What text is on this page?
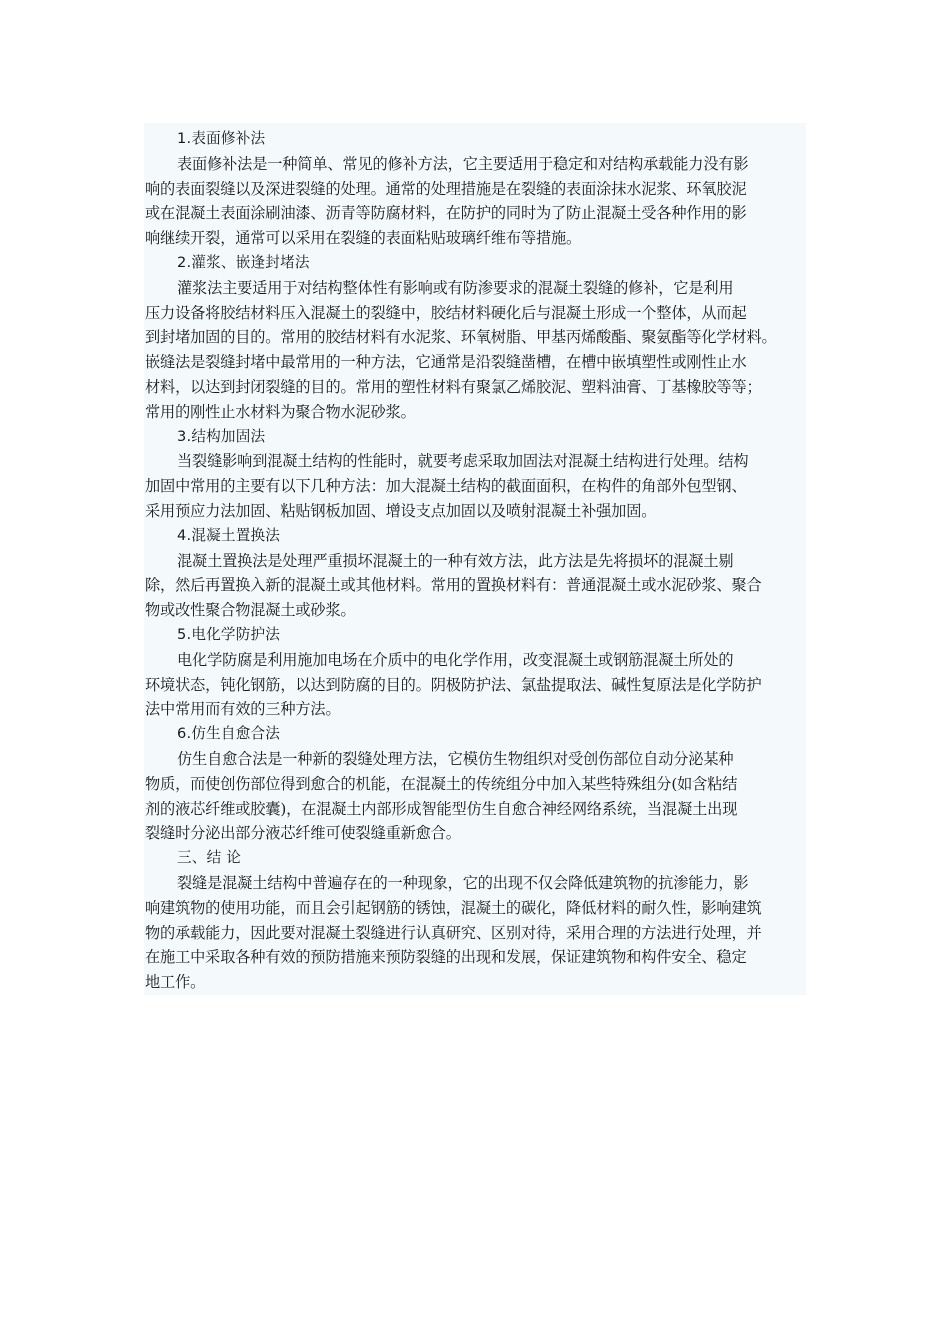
1.表面修补法
表面修补法是一种简单、常见的修补方法，它主要适用于稳定和对结构承载能力没有影
响的表面裂缝以及深进裂缝的处理。通常的处理措施是在裂缝的表面涂抹水泥浆、环氧胶泥
或在混凝土表面涂刷油漆、沥青等防腐材料，在防护的同时为了防止混凝土受各种作用的影
响继续开裂，通常可以采用在裂缝的表面粘贴玻璃纤维布等措施。
2.灌浆、嵌逢封堵法
灌浆法主要适用于对结构整体性有影响或有防渗要求的混凝土裂缝的修补，它是利用
压力设备将胶结材料压入混凝土的裂缝中，胶结材料硬化后与混凝土形成一个整体，从而起
到封堵加固的目的。常用的胶结材料有水泥浆、环氧树脂、甲基丙烯酸酯、聚氨酯等化学材料。
嵌缝法是裂缝封堵中最常用的一种方法，它通常是沿裂缝凿槽，在槽中嵌填塑性或刚性止水
材料，以达到封闭裂缝的目的。常用的塑性材料有聚氯乙烯胶泥、塑料油膏、丁基橡胶等等；
常用的刚性止水材料为聚合物水泥砂浆。
3.结构加固法
当裂缝影响到混凝土结构的性能时，就要考虑采取加固法对混凝土结构进行处理。结构
加固中常用的主要有以下几种方法：加大混凝土结构的截面面积，在构件的角部外包型钢、
采用预应力法加固、粘贴钢板加固、增设支点加固以及喷射混凝土补强加固。
4.混凝土置换法
混凝土置换法是处理严重损坏混凝土的一种有效方法，此方法是先将损坏的混凝土剔
除，然后再置换入新的混凝土或其他材料。常用的置换材料有：普通混凝土或水泥砂浆、聚合
物或改性聚合物混凝土或砂浆。
5.电化学防护法
电化学防腐是利用施加电场在介质中的电化学作用，改变混凝土或钢筋混凝土所处的
环境状态，钝化钢筋，以达到防腐的目的。阴极防护法、氯盐提取法、碱性复原法是化学防护
法中常用而有效的三种方法。
6.仿生自愈合法
仿生自愈合法是一种新的裂缝处理方法，它模仿生物组织对受创伤部位自动分泌某种
物质，而使创伤部位得到愈合的机能，在混凝土的传统组分中加入某些特殊组分(如含粘结
剂的液芯纤维或胶囊)，在混凝土内部形成智能型仿生自愈合神经网络系统，当混凝土出现
裂缝时分泌出部分液芯纤维可使裂缝重新愈合。
三、结 论
裂缝是混凝土结构中普遍存在的一种现象，它的出现不仅会降低建筑物的抗渗能力，影
响建筑物的使用功能，而且会引起钢筋的锈蚀，混凝土的碳化，降低材料的耐久性，影响建筑
物的承载能力，因此要对混凝土裂缝进行认真研究、区别对待，采用合理的方法进行处理，并
在施工中采取各种有效的预防措施来预防裂缝的出现和发展，保证建筑物和构件安全、稳定
地工作。
